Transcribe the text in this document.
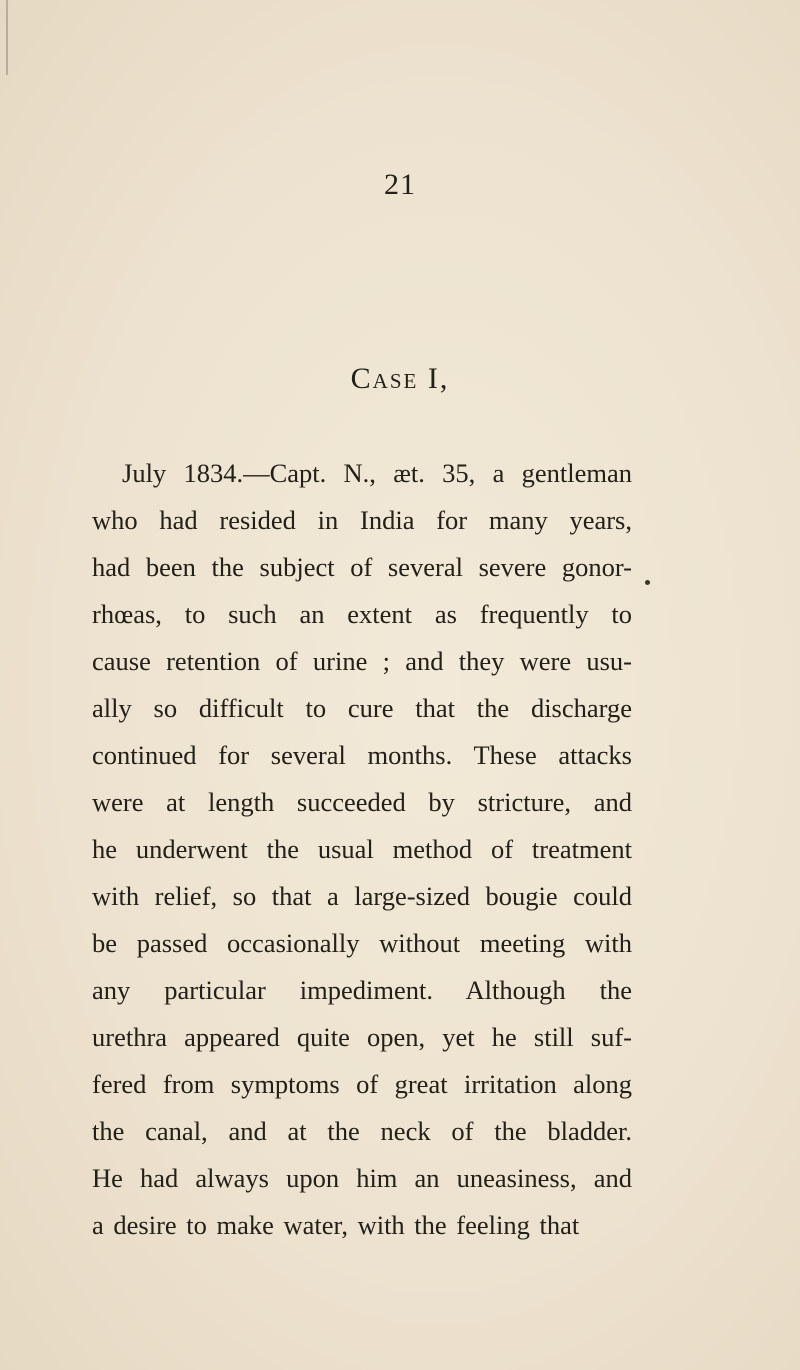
21
Case I,
July 1834.—Capt. N., æt. 35, a gentleman
who had resided in India for many years,
had been the subject of several severe gonor-
rhœas, to such an extent as frequently to
cause retention of urine ; and they were usu-
ally so difficult to cure that the discharge
continued for several months. These attacks
were at length succeeded by stricture, and
he underwent the usual method of treatment
with relief, so that a large-sized bougie could
be passed occasionally without meeting with
any particular impediment. Although the
urethra appeared quite open, yet he still suf-
fered from symptoms of great irritation along
the canal, and at the neck of the bladder.
He had always upon him an uneasiness, and
a desire to make water, with the feeling that
